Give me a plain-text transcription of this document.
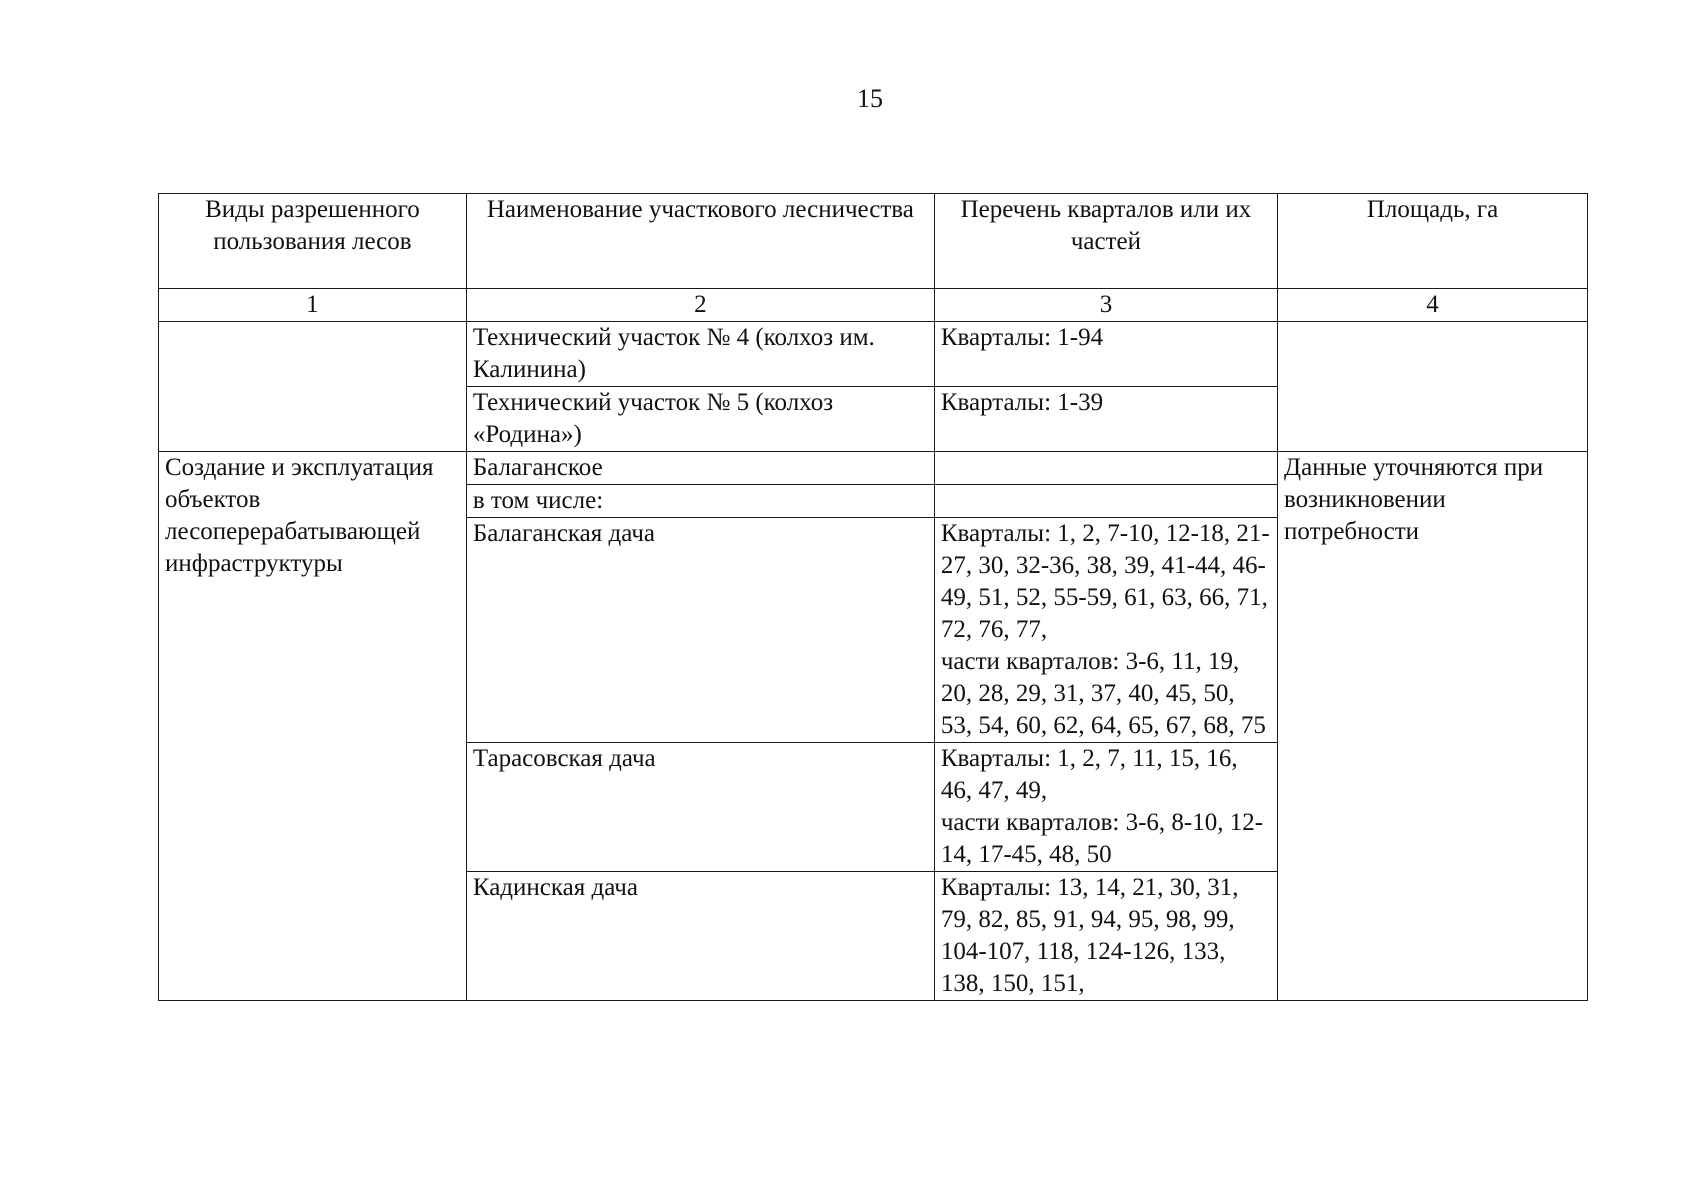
15
Виды разрешенного пользования лесов	Наименование участкового лесничества	Перечень кварталов или их частей	Площадь, га
1	2	3	4
	Технический участок № 4 (колхоз им. Калинина)	Кварталы: 1-94	
	Технический участок № 5 (колхоз «Родина»)	Кварталы: 1-39	
Создание и эксплуатация объектов лесоперерабатывающей инфраструктуры	Балаганское		Данные уточняются при возникновении потребности
	в том числе:		
	Балаганская дача	Кварталы: 1, 2, 7-10, 12-18, 21-27, 30, 32-36, 38, 39, 41-44, 46-49, 51, 52, 55-59, 61, 63, 66, 71, 72, 76, 77,
части кварталов: 3-6, 11, 19, 20, 28, 29, 31, 37, 40, 45, 50, 53, 54, 60, 62, 64, 65, 67, 68, 75	

	Тарасовская дача	Кварталы: 1, 2, 7, 11, 15, 16, 46, 47, 49,
части кварталов: 3-6, 8-10, 12-14, 17-45, 48, 50	

	Кадинская дача	Кварталы: 13, 14, 21, 30, 31, 79, 82, 85, 91, 94, 95, 98, 99, 104-107, 118, 124-126, 133, 138, 150, 151,	
